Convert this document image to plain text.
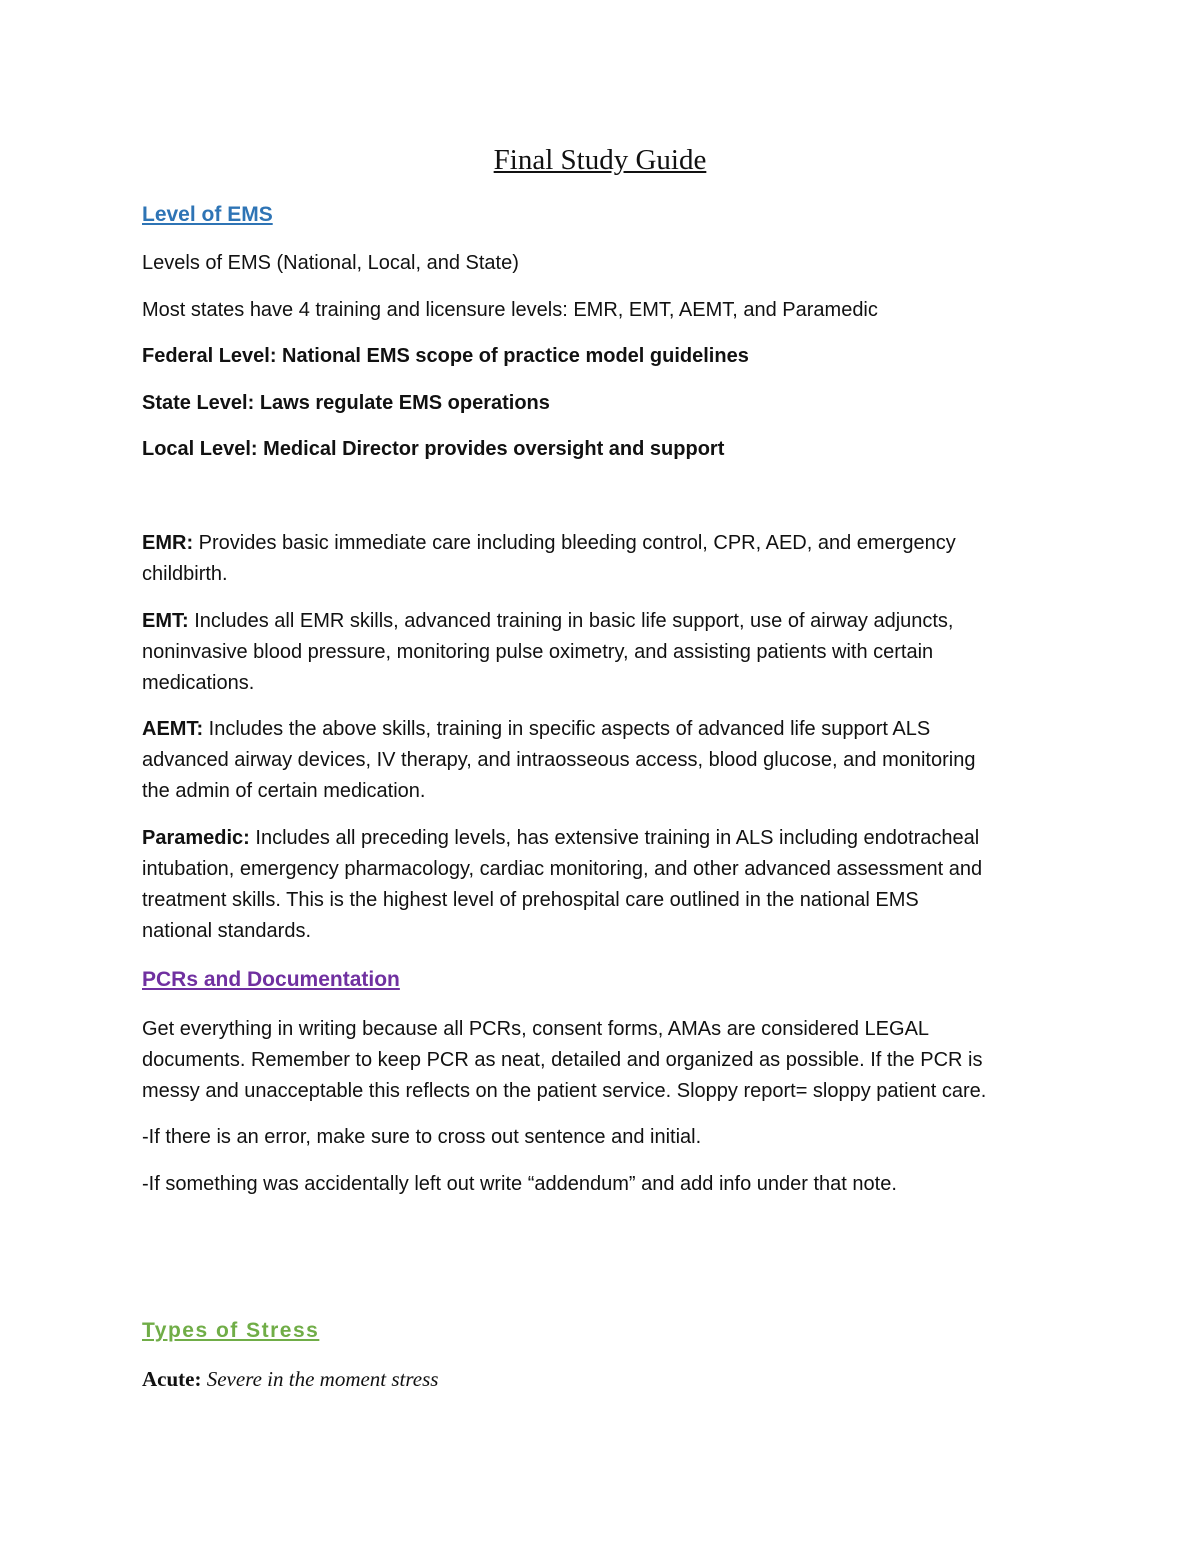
Final Study Guide
Level of EMS
Levels of EMS (National, Local, and State)
Most states have 4 training and licensure levels: EMR, EMT, AEMT, and Paramedic
Federal Level: National EMS scope of practice model guidelines
State Level: Laws regulate EMS operations
Local Level: Medical Director provides oversight and support
EMR: Provides basic immediate care including bleeding control, CPR, AED, and emergency
childbirth.
EMT: Includes all EMR skills, advanced training in basic life support, use of airway adjuncts,
noninvasive blood pressure, monitoring pulse oximetry, and assisting patients with certain
medications.
AEMT: Includes the above skills, training in specific aspects of advanced life support ALS
advanced airway devices, IV therapy, and intraosseous access, blood glucose, and monitoring
the admin of certain medication.
Paramedic: Includes all preceding levels, has extensive training in ALS including endotracheal
intubation, emergency pharmacology, cardiac monitoring, and other advanced assessment and
treatment skills. This is the highest level of prehospital care outlined in the national EMS
national standards.
PCRs and Documentation
Get everything in writing because all PCRs, consent forms, AMAs are considered LEGAL
documents. Remember to keep PCR as neat, detailed and organized as possible. If the PCR is
messy and unacceptable this reflects on the patient service. Sloppy report= sloppy patient care.
-If there is an error, make sure to cross out sentence and initial.
-If something was accidentally left out write “addendum” and add info under that note.
Types of Stress
Acute: Severe in the moment stress
